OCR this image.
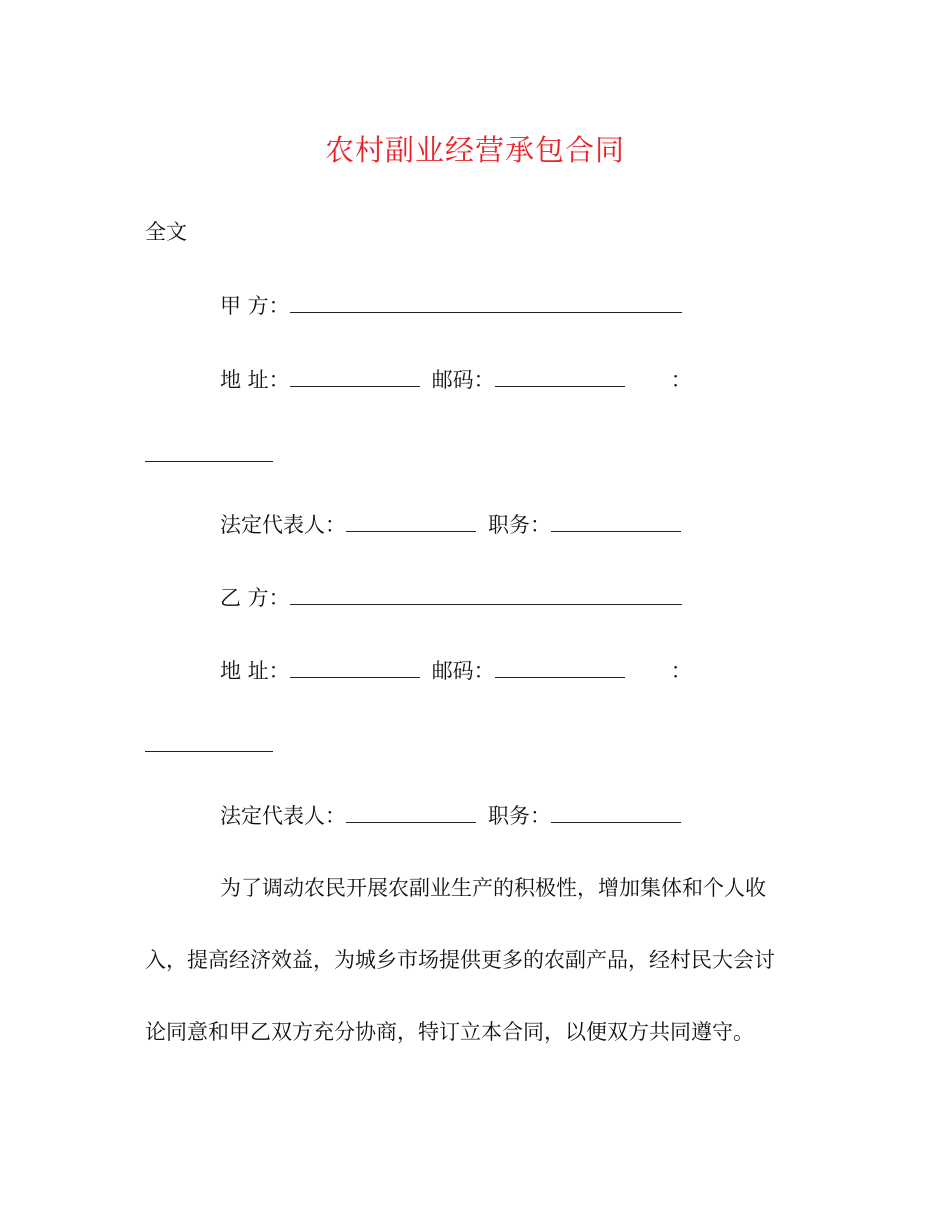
农村副业经营承包合同
全文
甲 方：
地 址：	邮码：	：
法定代表人：	职务：
乙 方：
地 址：	邮码：	：
法定代表人：	职务：

为了调动农民开展农副业生产的积极性，增加集体和个人收

入，提高经济效益，为城乡市场提供更多的农副产品，经村民大会讨

论同意和甲乙双方充分协商，特订立本合同，以便双方共同遵守。
